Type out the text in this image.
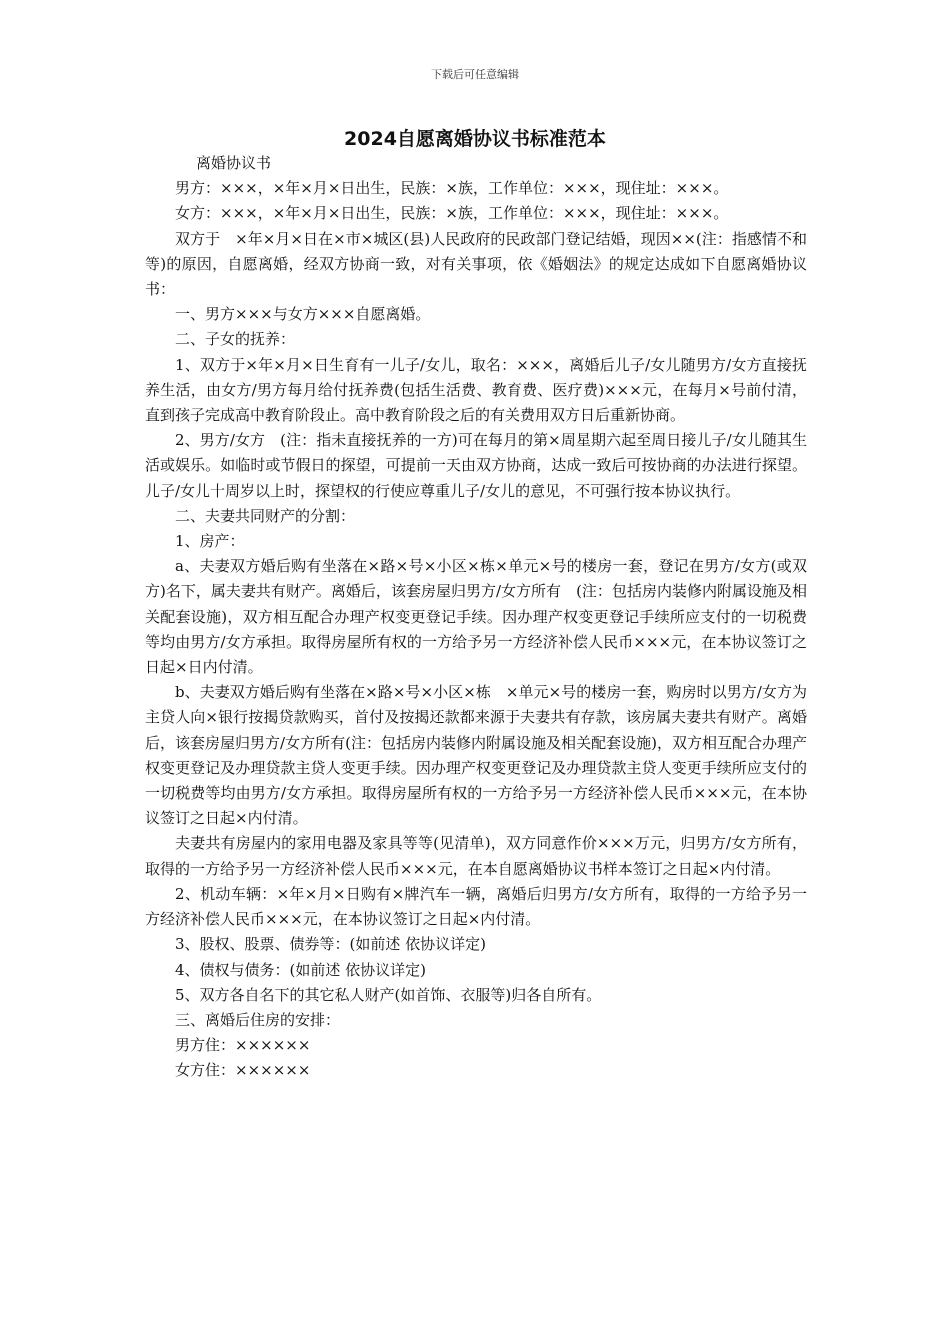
下载后可任意编辑
2024自愿离婚协议书标准范本

离婚协议书

男方：×××，×年×月×日出生，民族：×族，工作单位：×××，现住址：×××。

女方：×××，×年×月×日出生，民族：×族，工作单位：×××，现住址：×××。

双方于　×年×月×日在×市×城区(县)人民政府的民政部门登记结婚，现因××(注：指感情不和等)的原因，自愿离婚，经双方协商一致，对有关事项，依《婚姻法》的规定达成如下自愿离婚协议书：

一、男方×××与女方×××自愿离婚。

二、子女的抚养：

1、双方于×年×月×日生育有一儿子/女儿，取名：×××，离婚后儿子/女儿随男方/女方直接抚养生活，由女方/男方每月给付抚养费(包括生活费、教育费、医疗费)×××元，在每月×号前付清，直到孩子完成高中教育阶段止。高中教育阶段之后的有关费用双方日后重新协商。

2、男方/女方　(注：指未直接抚养的一方)可在每月的第×周星期六起至周日接儿子/女儿随其生活或娱乐。如临时或节假日的探望，可提前一天由双方协商，达成一致后可按协商的办法进行探望。儿子/女儿十周岁以上时，探望权的行使应尊重儿子/女儿的意见，不可强行按本协议执行。

二、夫妻共同财产的分割：

1、房产：

a、夫妻双方婚后购有坐落在×路×号×小区×栋×单元×号的楼房一套，登记在男方/女方(或双方)名下，属夫妻共有财产。离婚后，该套房屋归男方/女方所有　(注：包括房内装修内附属设施及相关配套设施)，双方相互配合办理产权变更登记手续。因办理产权变更登记手续所应支付的一切税费等均由男方/女方承担。取得房屋所有权的一方给予另一方经济补偿人民币×××元，在本协议签订之日起×日内付清。

b、夫妻双方婚后购有坐落在×路×号×小区×栋　×单元×号的楼房一套，购房时以男方/女方为主贷人向×银行按揭贷款购买，首付及按揭还款都来源于夫妻共有存款，该房属夫妻共有财产。离婚后，该套房屋归男方/女方所有(注：包括房内装修内附属设施及相关配套设施)，双方相互配合办理产权变更登记及办理贷款主贷人变更手续。因办理产权变更登记及办理贷款主贷人变更手续所应支付的一切税费等均由男方/女方承担。取得房屋所有权的一方给予另一方经济补偿人民币×××元，在本协议签订之日起×内付清。

夫妻共有房屋内的家用电器及家具等等(见清单)，双方同意作价×××万元，归男方/女方所有，取得的一方给予另一方经济补偿人民币×××元，在本自愿离婚协议书样本签订之日起×内付清。

2、机动车辆：×年×月×日购有×牌汽车一辆，离婚后归男方/女方所有，取得的一方给予另一方经济补偿人民币×××元，在本协议签订之日起×内付清。

3、股权、股票、债券等：(如前述 依协议详定)

4、债权与债务：(如前述 依协议详定)

5、双方各自名下的其它私人财产(如首饰、衣服等)归各自所有。

三、离婚后住房的安排：

男方住：××××××

女方住：××××××
